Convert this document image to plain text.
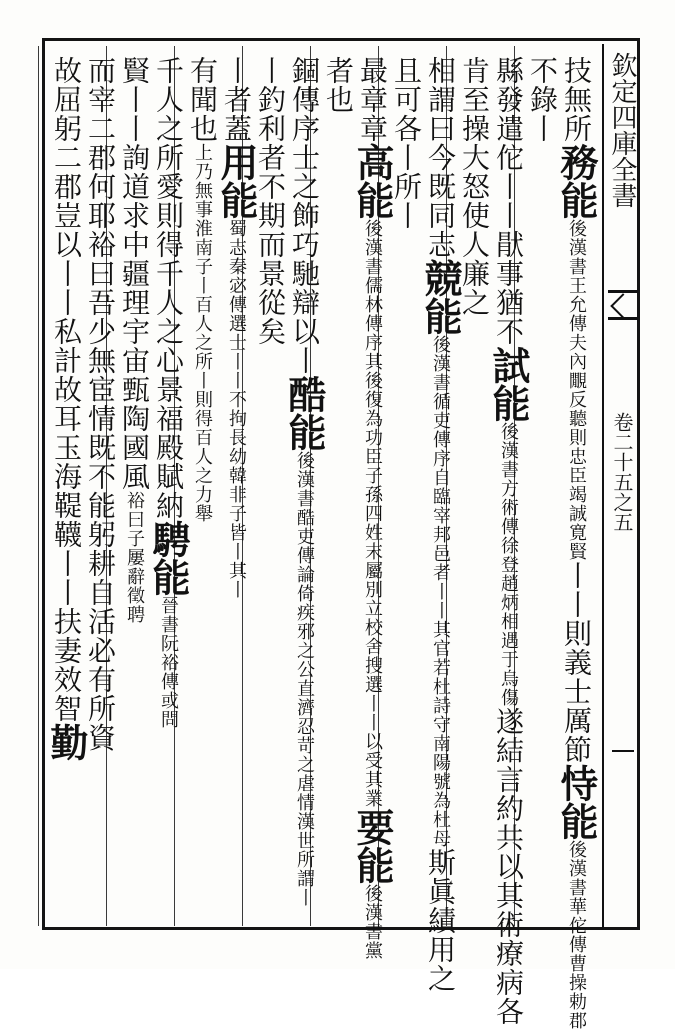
欽定四庫全書
卷二十五之五
技無所務能後漢書王允傳夫內覵反聽則忠臣竭誠寛賢丨丨則義士厲節恃能後漢書華佗傳曹操勅郡
不錄丨
縣發遣佗丨丨猒事猶不試能後漢書方術傳徐登趙炳相遇于烏傷遂結言約共以其術療病各
肯至操大怒使人廉之
相謂曰今既同志競能後漢書循吏傳序自臨宰邦邑者丨丨其官若杜詩守南陽號為杜母斯眞績用之
且可各丨所丨
最章章高能後漢書儒林傳序其後復為功臣子孫四姓末屬別立校舍搜選丨丨以受其業要能後漢書黨
者也
錮傳序士之飾巧馳辯以丨酷能後漢書酷吏傳論倚疾邪之公直濟忍苛之虐情漢世所謂丨
丨釣利者不期而景從矣
丨者蓋用能蜀志秦宓傳選士丨丨不拘長幼韓非子皆丨其丨
有聞也上乃無事淮南子丨百人之所丨則得百人之力舉
千人之所愛則得千人之心景福殿賦納騁能晉書阮裕傳或問
賢丨丨詢道求中疆理宇宙甄陶國風裕曰子屢辭徵聘
而宰二郡何耶裕曰吾少無宦情既不能躬耕自活必有所資
故屈躬二郡豈以丨丨私計故耳玉海鞮韈丨丨扶妻效智勤
